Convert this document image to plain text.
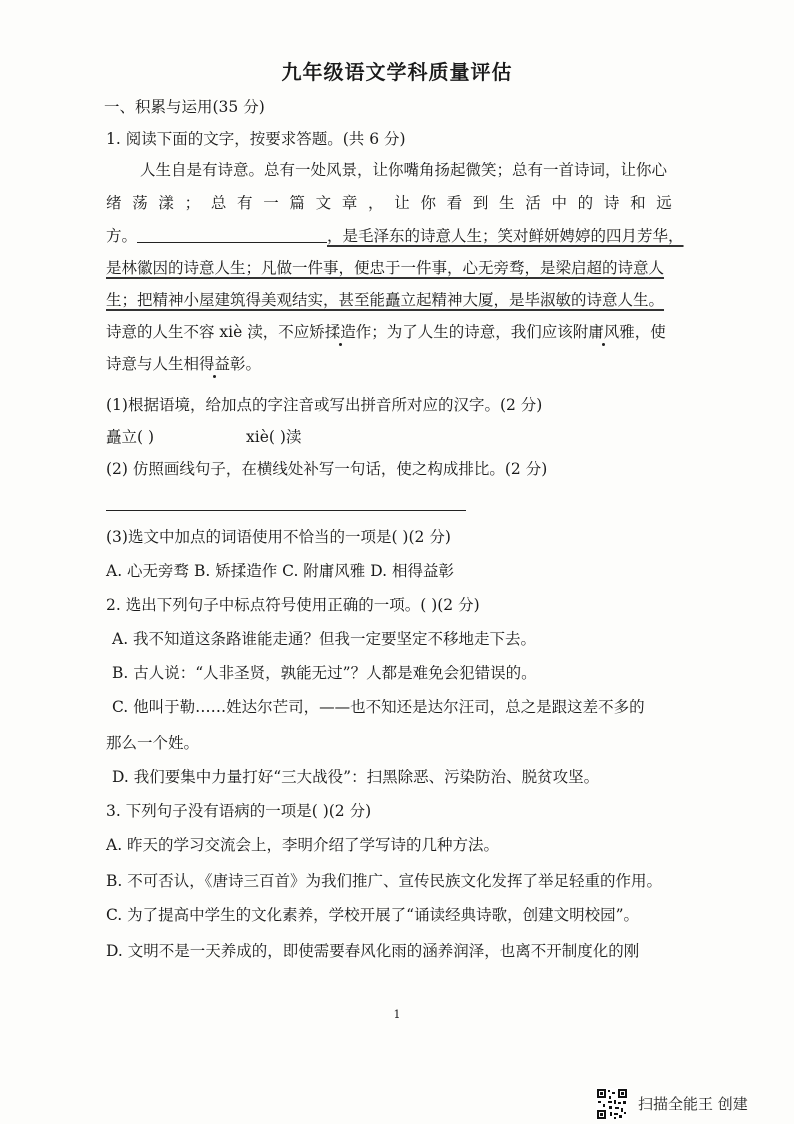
九年级语文学科质量评估
一、积累与运用(35 分)
1. 阅读下面的文字，按要求答题。(共 6 分)
人生自是有诗意。总有一处风景，让你嘴角扬起微笑；总有一首诗词，让你心
绪 荡 漾 ； 总 有 一 篇 文 章 ， 让 你 看 到 生 活 中 的 诗 和 远
方。	，是毛泽东的诗意人生；笑对鲜妍娉婷的四月芳华，
是林徽因的诗意人生；凡做一件事，便忠于一件事，心无旁骛，是梁启超的诗意人
生；把精神小屋建筑得美观结实，甚至能矗立起精神大厦，是毕淑敏的诗意人生。
诗意的人生不容 xiè 渎，不应矫揉造作；为了人生的诗意，我们应该附庸风雅，使
诗意与人生相得益彰。
(1)根据语境，给加点的字注音或写出拼音所对应的汉字。(2 分)
矗立( )	xiè( )渎
(2) 仿照画线句子，在横线处补写一句话，使之构成排比。(2 分)
(3)选文中加点的词语使用不恰当的一项是( )(2 分)
A. 心无旁骛 B. 矫揉造作 C. 附庸风雅 D. 相得益彰
2. 选出下列句子中标点符号使用正确的一项。( )(2 分)
A. 我不知道这条路谁能走通？但我一定要坚定不移地走下去。
B. 古人说：“人非圣贤，孰能无过”？人都是难免会犯错误的。
C. 他叫于勒……姓达尔芒司，——也不知还是达尔汪司，总之是跟这差不多的
那么一个姓。
D. 我们要集中力量打好“三大战役”：扫黑除恶、污染防治、脱贫攻坚。
3. 下列句子没有语病的一项是( )(2 分)
A. 昨天的学习交流会上，李明介绍了学写诗的几种方法。
B. 不可否认，《唐诗三百首》为我们推广、宣传民族文化发挥了举足轻重的作用。
C. 为了提高中学生的文化素养，学校开展了“诵读经典诗歌，创建文明校园”。
D. 文明不是一天养成的，即使需要春风化雨的涵养润泽，也离不开制度化的刚
1
扫描全能王 创建
